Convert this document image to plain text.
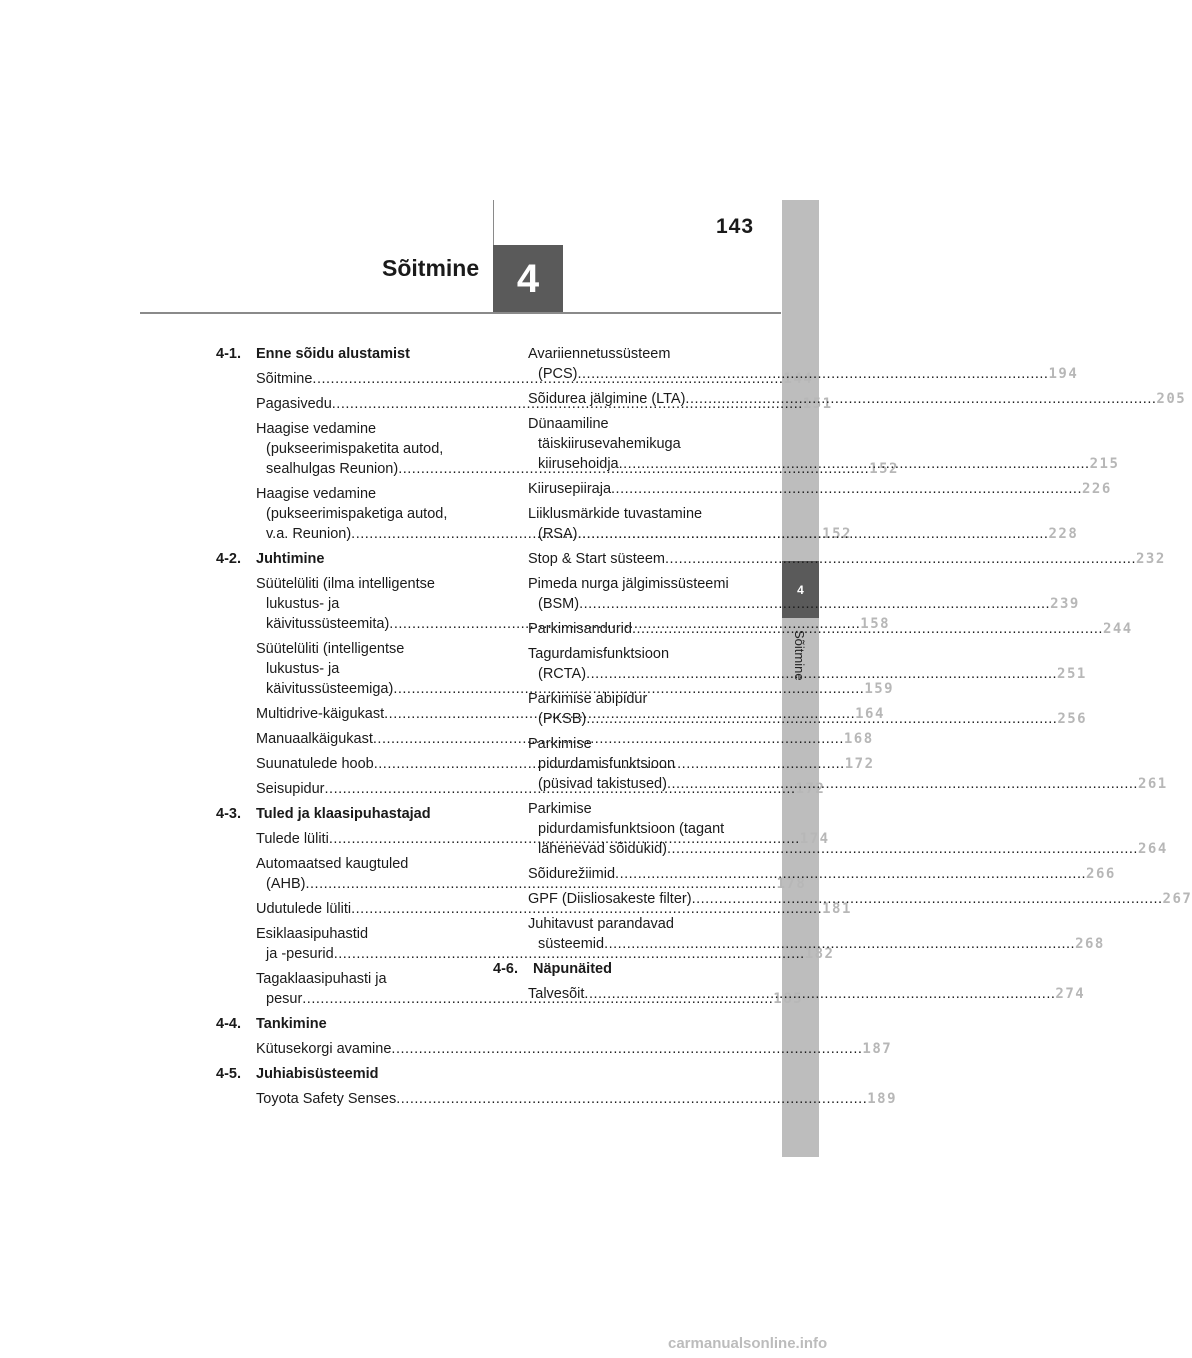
143
Sõitmine 4
4
Sõitmine
4-1.	Enne sõidu alustamist
Sõitmine .....	144
Pagasivedu .....	151
Haagise vedamine
(pukseerimispaketita autod,
sealhulgas Reunion) .....	152
Haagise vedamine
(pukseerimispaketiga autod,
v.a. Reunion) .....	152
4-2.	Juhtimine
Süütelüliti (ilma intelligentse
lukustus- ja
käivitussüsteemita) .....	158
Süütelüliti (intelligentse
lukustus- ja
käivitussüsteemiga) .....	159
Multidrive-käigukast .....	164
Manuaalkäigukast .....	168
Suunatulede hoob .....	172
Seisupidur .....	172
4-3.	Tuled ja klaasipuhastajad
Tulede lüliti .....	174
Automaatsed kaugtuled
(AHB) .....	178
Udutulede lüliti .....	181
Esiklaasipuhastid
ja -pesurid .....	182
Tagaklaasipuhasti ja
pesur .....	185
4-4.	Tankimine
Kütusekorgi avamine .....	187
4-5.	Juhiabisüsteemid
Toyota Safety Senses .....	189
Avariiennetussüsteem
(PCS) .....	194
Sõidurea jälgimine (LTA) .....	205
Dünaamiline
täiskiirusevahemikuga
kiirusehoidja .....	215
Kiirusepiiraja .....	226
Liiklusmärkide tuvastamine
(RSA) .....	228
Stop & Start süsteem .....	232
Pimeda nurga jälgimissüsteemi
(BSM) .....	239
Parkimisandurid .....	244
Tagurdamisfunktsioon
(RCTA) .....	251
Parkimise abipidur
(PKSB) .....	256
Parkimise
pidurdamisfunktsioon
(püsivad takistused) .....	261
Parkimise
pidurdamisfunktsioon (tagant
lähenevad sõidukid) .....	264
Sõidurežiimid .....	266
GPF (Diisliosakeste filter) .....	267
Juhitavust parandavad
süsteemid .....	268
4-6.	Näpunäited
Talvesõit .....	274
carmanualsonline.info
